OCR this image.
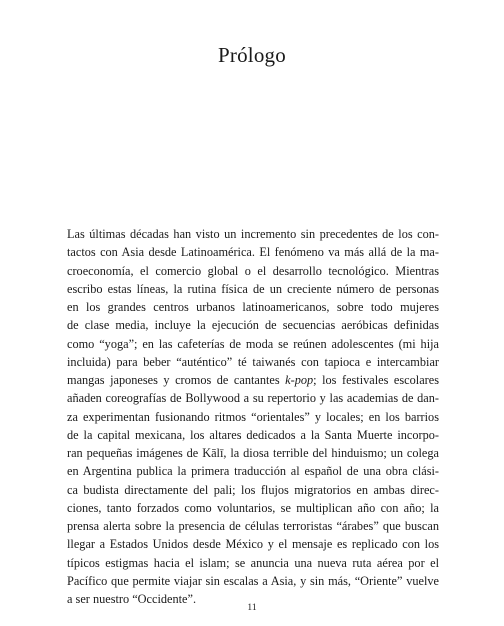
Prólogo
Las últimas décadas han visto un incremento sin precedentes de los con-
tactos con Asia desde Latinoamérica. El fenómeno va más allá de la ma-
croeconomía, el comercio global o el desarrollo tecnológico. Mientras
escribo estas líneas, la rutina física de un creciente número de personas
en los grandes centros urbanos latinoamericanos, sobre todo mujeres
de clase media, incluye la ejecución de secuencias aeróbicas definidas
como “yoga”; en las cafeterías de moda se reúnen adolescentes (mi hija
incluida) para beber “auténtico” té taiwanés con tapioca e intercambiar
mangas japoneses y cromos de cantantes k-pop; los festivales escolares
añaden coreografías de Bollywood a su repertorio y las academias de dan-
za experimentan fusionando ritmos “orientales” y locales; en los barrios
de la capital mexicana, los altares dedicados a la Santa Muerte incorpo-
ran pequeñas imágenes de Kālī, la diosa terrible del hinduismo; un colega
en Argentina publica la primera traducción al español de una obra clási-
ca budista directamente del pali; los flujos migratorios en ambas direc-
ciones, tanto forzados como voluntarios, se multiplican año con año; la
prensa alerta sobre la presencia de células terroristas “árabes” que buscan
llegar a Estados Unidos desde México y el mensaje es replicado con los
típicos estigmas hacia el islam; se anuncia una nueva ruta aérea por el
Pacífico que permite viajar sin escalas a Asia, y sin más, “Oriente” vuelve
a ser nuestro “Occidente”.
11
